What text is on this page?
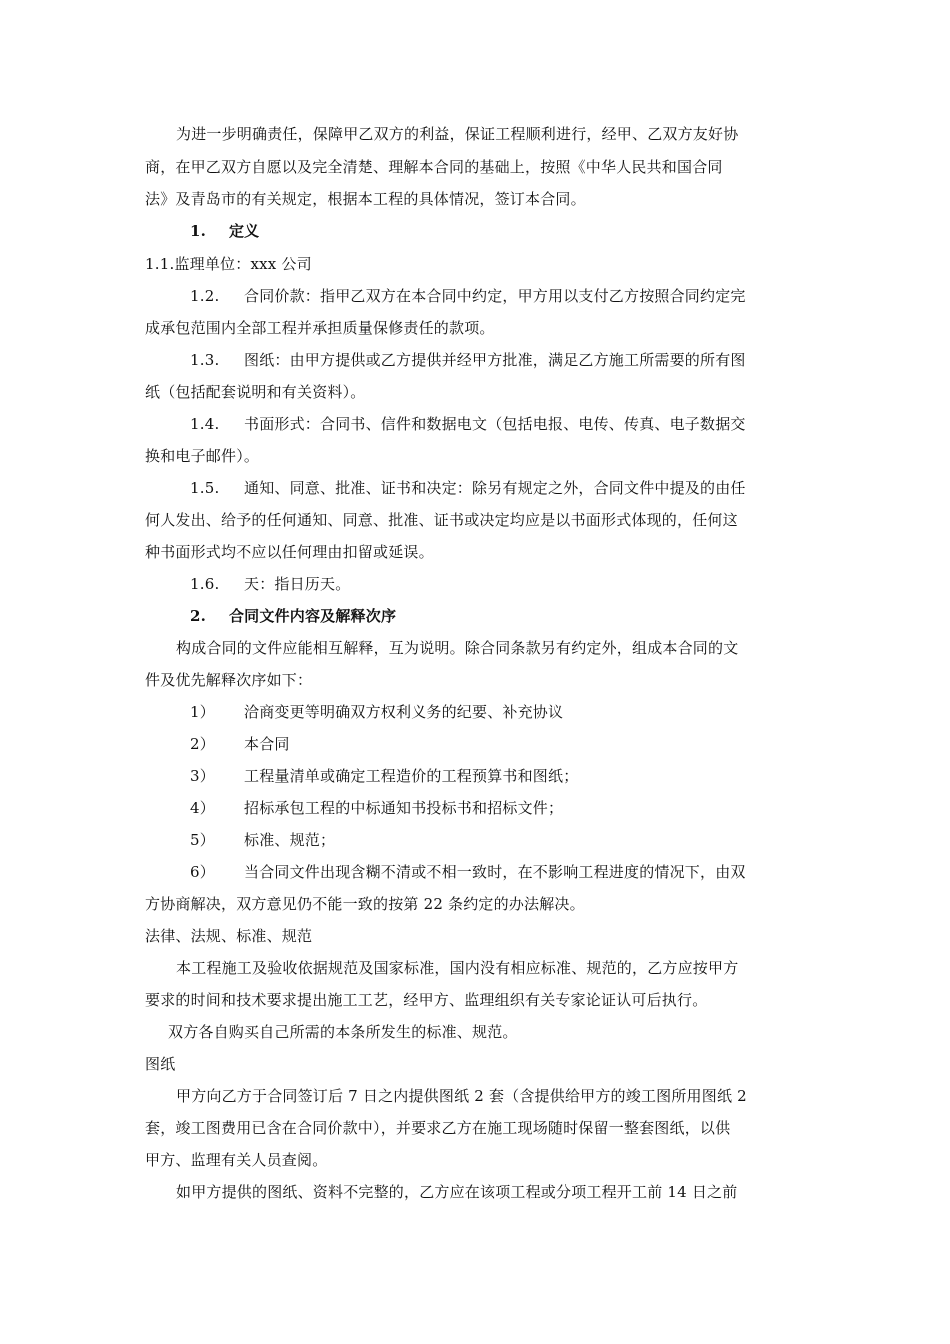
为进一步明确责任，保障甲乙双方的利益，保证工程顺利进行，经甲、乙双方友好协
商，在甲乙双方自愿以及完全清楚、理解本合同的基础上，按照《中华人民共和国合同
法》及青岛市的有关规定，根据本工程的具体情况，签订本合同。
1. 定义
1.1.监理单位：xxx 公司
1.2. 合同价款：指甲乙双方在本合同中约定，甲方用以支付乙方按照合同约定完
成承包范围内全部工程并承担质量保修责任的款项。
1.3. 图纸：由甲方提供或乙方提供并经甲方批准，满足乙方施工所需要的所有图
纸（包括配套说明和有关资料）。
1.4. 书面形式：合同书、信件和数据电文（包括电报、电传、传真、电子数据交
换和电子邮件）。
1.5. 通知、同意、批准、证书和决定：除另有规定之外，合同文件中提及的由任
何人发出、给予的任何通知、同意、批准、证书或决定均应是以书面形式体现的，任何这
种书面形式均不应以任何理由扣留或延误。
1.6. 天：指日历天。
2. 合同文件内容及解释次序
构成合同的文件应能相互解释，互为说明。除合同条款另有约定外，组成本合同的文
件及优先解释次序如下：
1） 洽商变更等明确双方权利义务的纪要、补充协议
2） 本合同
3） 工程量清单或确定工程造价的工程预算书和图纸；
4） 招标承包工程的中标通知书投标书和招标文件；
5） 标准、规范；
6） 当合同文件出现含糊不清或不相一致时，在不影响工程进度的情况下，由双
方协商解决，双方意见仍不能一致的按第 22 条约定的办法解决。
法律、法规、标准、规范
本工程施工及验收依据规范及国家标准，国内没有相应标准、规范的，乙方应按甲方
要求的时间和技术要求提出施工工艺，经甲方、监理组织有关专家论证认可后执行。
双方各自购买自己所需的本条所发生的标准、规范。
图纸
甲方向乙方于合同签订后 7 日之内提供图纸 2 套（含提供给甲方的竣工图所用图纸 2
套，竣工图费用已含在合同价款中），并要求乙方在施工现场随时保留一整套图纸，以供
甲方、监理有关人员查阅。
如甲方提供的图纸、资料不完整的，乙方应在该项工程或分项工程开工前 14 日之前
